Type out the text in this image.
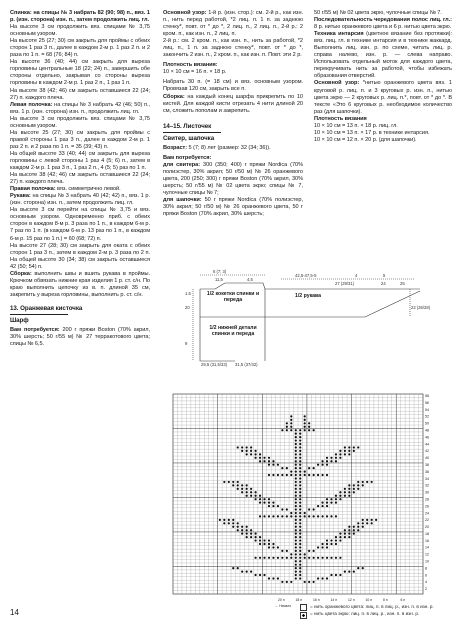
Спинка: на спицы № 3 набрать 82 (90; 98) п., вяз. 1 р. (изн. сторона) изн. п., затем продолжить лиц. гл.

На высоте 3 см продолжить вяз. спицами № 3,75 основным узором.

На высоте 25 (27; 30) см закрыть для проймы с обеих сторон 1 раз 3 п., далее в каждом 2-м р. 1 раз 2 п. и 2 раза по 1 п. = 68 (76; 84) п.

На высоте 36 (40; 44) см закрыть для выреза горловины центральные 18 (22; 24) п., завершить обе стороны отдельно, закрывая со стороны выреза горловины в каждом 2-м р. 1 раз 2 п., 1 раз 1 п.

На высоте 38 (42; 46) см закрыть оставшиеся 22 (24; 27) п. каждого плеча.

Левая полочка: на спицы № 3 набрать 42 (46; 50) п., вяз. 1 р. (изн. сторона) изн. п., продолжить лиц. гл.

На высоте 3 см продолжить вяз. спицами № 3,75 основным узором.

На высоте 25 (27; 30) см закрыть для проймы с правой стороны 1 раз 3 п., далее в каждом 2-м р. 1 раз 2 п. и 2 раза по 1 п. = 35 (39; 43) п.

На общей высоте 33 (40; 44) см закрыть для выреза горловины с левой стороны 1 раз 4 (5; 6) п., затем в каждом 2-м р. 1 раз 3 п., 1 раз 2 п., 4 (5; 5) раз по 1 п.

На высоте 38 (42; 46) см закрыть оставшиеся 22 (24; 27) п. каждого плеча.

Правая полочка: вяз. симметрично левой.

Рукава: на спицы № 3 набрать 40 (42; 42) п., вяз. 1 р. (изн. сторона) изн. п., затем продолжить лиц. гл.

На высоте 3 см перейти на спицы № 3,75 и вяз. основным узором. Одновременно приб. с обеих сторон в каждом 8-м р. 3 раза по 1 п., в каждом 6-м р. 7 раз по 1 п. (в каждом 6-м р. 13 раз по 1 п., в каждом 6-м р. 15 раз по 1 п.) = 60 (68; 72) п.

На высоте 27 (28; 30) см закрыть для оката с обеих сторон 1 раз 3 п., затем в каждом 2-м р. 3 раза по 2 п. На общей высоте 30 (34; 38) см закрыть оставшиеся 42 (50; 54) п.

Сборка: выполнить швы и вшить рукава в проймы. Крючком обвязать нижние края изделия 1 р. ст. с/н. По краю выполнить цепочку из в. п. длиной 35 см, закрепить у выреза горловины, выполнить р. ст. с/н.

13. Оранжевая кисточка
Шарф

Вам потребуется: 200 г пряжи Boston (70% акрил, 30% шерсть; 50 г/55 м) № 27 терракотового цвета; спицы № 6,5.

Основной узор: 1-й р. (изн. стор.): см. 2-й р., как изн. п., нить перед работой, *2 лиц. п. 1 п. за заднюю стенку*, повт. от * до *, 2 лиц. п., 2 лиц. п., 2-й р.: 2 кром. п., как изн. п., 2 лиц. п.

2-й р.: см. 2 кром. п., как изн. п., нить за работой, *2 лиц. п., 1 п. за заднюю стенку*, повт. от * до *, закончить 2 изн. п., 2 кром. п., как изн. п. Повт. эти 2 р.

Плотность вязания:

10 × 10 см = 16 п. × 18 р.

Набрать 30 п. (= 18 см) и вяз. основным узором. Провязав 120 см, закрыть все п.

Сборка: на каждый конец шарфа прикрепить по 10 кистей. Для каждой кисти отрезать 4 нити длиной 20 см, сложить пополам и закрепить.

14–15. Листочек
Свитер, шапочка

Возраст: 5 (7; 8) лет (размер: 32 (34; 36)).

Вам потребуется:

для свитера: 300 (350; 400) г пряжи Nordica (70% полиэстер, 30% акрил; 50 г/50 м) № 26 оранжевого цвета, 200 (250; 300) г пряжи Boston (70% акрил, 30% шерсть; 50 г/55 м) № 02 цвета экрю; спицы № 7, чулочные спицы № 7;

для шапочки: 50 г пряжи Nordica (70% полиэстер, 30% акрил; 50 г/50 м) № 26 оранжевого цвета, 50 г пряжи Boston (70% акрил, 30% шерсть;

50 г/55 м) № 02 цвета экрю, чулочные спицы № 7.

Последовательность чередования полос лиц. гл.: 8 р. нитью оранжевого цвета и 6 р. нитью цвета экрю.

Техника интарсия (цветное вязание без протяжки): вяз. лиц. гл. в технике интарсия и в технике жаккард. Выполнить лиц. изн. р. по схеме, читать лиц. р. справа налево, изн. р. — слева направо. Использовать отдельный моток для каждого цвета, перекручивать нить за работой, чтобы избежать образования отверстий.

Основной узор: *нитью оранжевого цвета вяз. 1 круговой р. лиц. п. и 3 круговых р. изн. п., нитью цвета экрю — 2 круговых р. лиц. п.*, повт. от * до *. В тексте «Это 6 круговых р. необходимое количество раз (для шапочки).

Плотность вязания

10 × 10 см = 13 п. × 18 р. лиц. гл.

10 × 10 см = 13 п. × 17 р. в технике интарсия.

10 × 10 см = 12 п. × 20 р. (для шапочки).

6 (7; 3)
11,5	4,5
42,5-47,5-5	4	5
27 (29/31)	24	25
1.5
20	22 (26/28)
9
29,5 (31,5/33) 31,5 (37/42)
1/2 кокетки спинки и переда
1/2 рукава
1/2 нижней детали спинки и переда
58
56
54
52
50
48
46
44
42
40
38
36
34
32
30
28
26
24
22
20
18
16
14
12
10
8
6
4
2
20 п	18 п	16 п	14 п	12 п	10 п	8 п	6 п
← Начало	= нить оранжевого цвета: лиц. п. в лиц. р., изн. п. в изн. р.
= нить цвета экрю: лиц. п. в лиц. р., изн. п. в изн. р.
14
